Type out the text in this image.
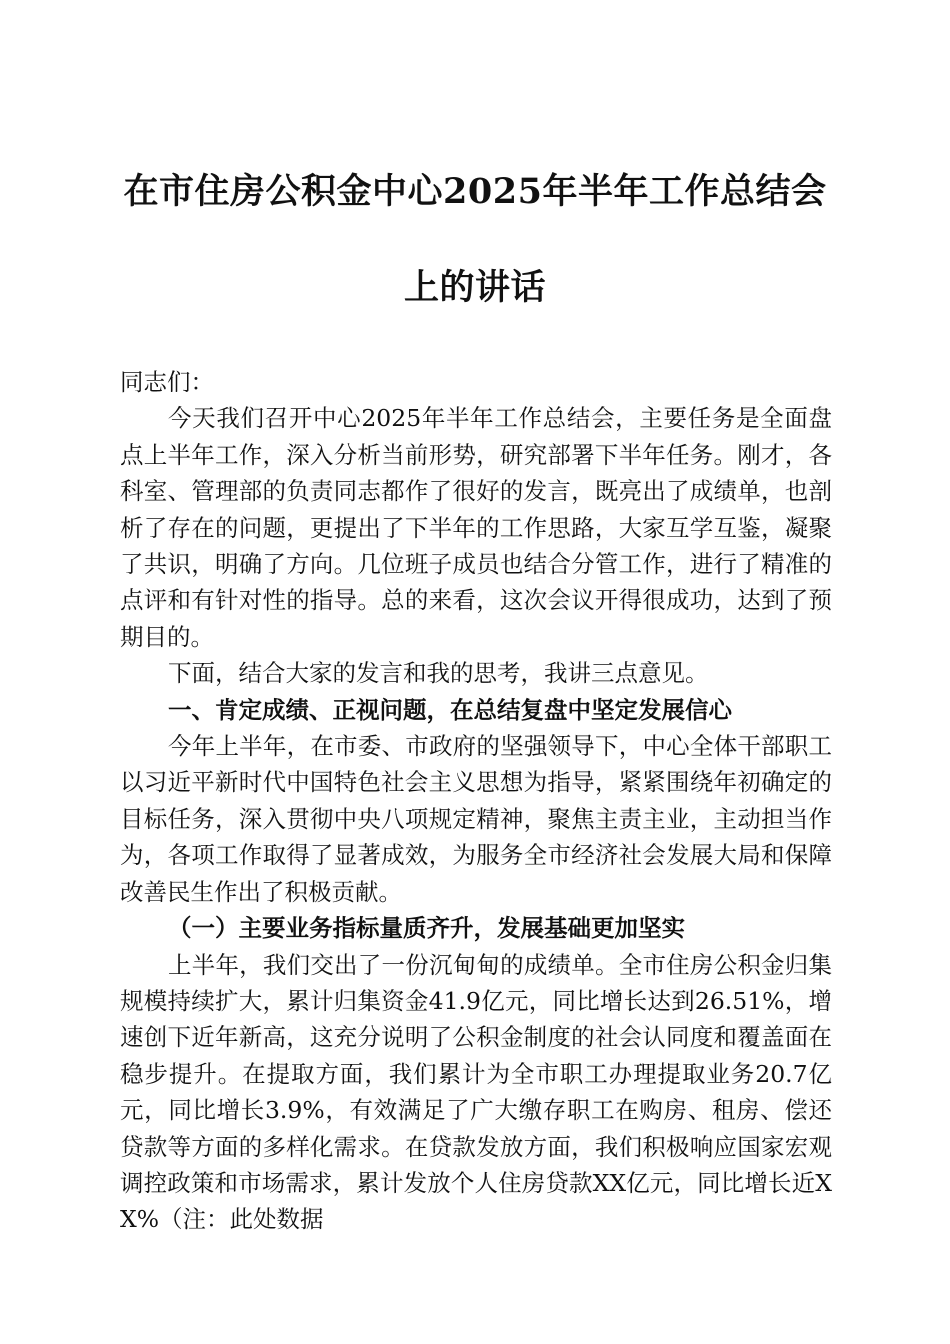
在市住房公积金中心2025年半年工作总结会
上的讲话

同志们：

今天我们召开中心2025年半年工作总结会，主要任务是全面盘点上半年工作，深入分析当前形势，研究部署下半年任务。刚才，各科室、管理部的负责同志都作了很好的发言，既亮出了成绩单，也剖析了存在的问题，更提出了下半年的工作思路，大家互学互鉴，凝聚了共识，明确了方向。几位班子成员也结合分管工作，进行了精准的点评和有针对性的指导。总的来看，这次会议开得很成功，达到了预期目的。

下面，结合大家的发言和我的思考，我讲三点意见。

一、肯定成绩、正视问题，在总结复盘中坚定发展信心

今年上半年，在市委、市政府的坚强领导下，中心全体干部职工以习近平新时代中国特色社会主义思想为指导，紧紧围绕年初确定的目标任务，深入贯彻中央八项规定精神，聚焦主责主业，主动担当作为，各项工作取得了显著成效，为服务全市经济社会发展大局和保障改善民生作出了积极贡献。

（一）主要业务指标量质齐升，发展基础更加坚实

上半年，我们交出了一份沉甸甸的成绩单。全市住房公积金归集规模持续扩大，累计归集资金41.9亿元，同比增长达到26.51%，增速创下近年新高，这充分说明了公积金制度的社会认同度和覆盖面在稳步提升。在提取方面，我们累计为全市职工办理提取业务20.7亿元，同比增长3.9%，有效满足了广大缴存职工在购房、租房、偿还贷款等方面的多样化需求。在贷款发放方面，我们积极响应国家宏观调控政策和市场需求，累计发放个人住房贷款XX亿元，同比增长近XX%（注：此处数据
